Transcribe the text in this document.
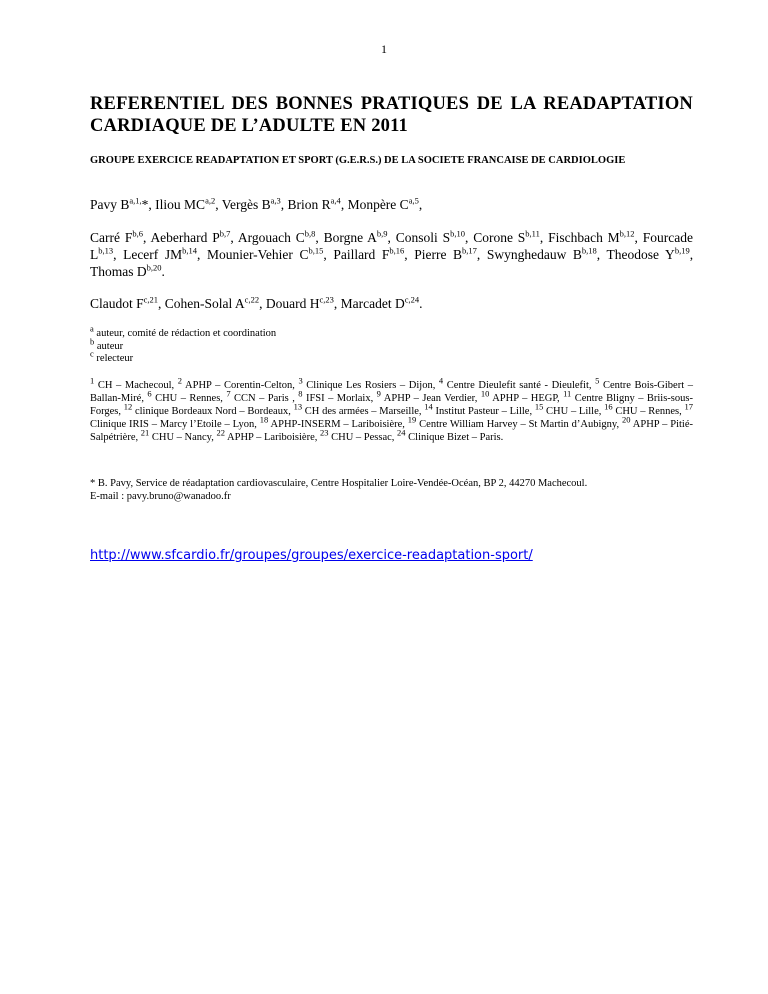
1
REFERENTIEL DES BONNES PRATIQUES DE LA READAPTATION CARDIAQUE DE L’ADULTE EN 2011
GROUPE EXERCICE READAPTATION ET SPORT (G.E.R.S.) DE LA SOCIETE FRANCAISE DE CARDIOLOGIE
Pavy $B^{a,1,}*$, Iliou MC$^{a,2}$, Vergès B$^{a,3}$, Brion R$^{a,4}$, Monpère C$^{a,5}$,
Carré F$^{b,6}$, Aeberhard P$^{b,7}$, Argouach C$^{b,8}$, Borgne A$^{b,9}$, Consoli S$^{b,10}$, Corone S$^{b,11}$, Fischbach M$^{b,12}$, Fourcade L$^{b,13}$, Lecerf JM$^{b,14}$, Mounier-Vehier C$^{b,15}$, Paillard F$^{b,16}$, Pierre B$^{b,17}$, Swynghedauw B$^{b,18}$, Theodose Y$^{b,19}$, Thomas D$^{b,20}$.
Claudot F$^{c,21}$, Cohen-Solal A$^{c,22}$, Douard H$^{c,23}$, Marcadet D$^{c,24}$.
$^a$ auteur, comité de rédaction et coordination
$^b$ auteur
$^c$ relecteur
$^1$ CH – Machecoul, $^2$ APHP – Corentin-Celton, $^3$ Clinique Les Rosiers – Dijon, $^4$ Centre Dieulefit santé - Dieulefit, $^5$ Centre Bois-Gibert – Ballan-Miré, $^6$ CHU – Rennes, $^7$ CCN – Paris , $^8$ IFSI – Morlaix, $^9$ APHP – Jean Verdier, $^{10}$ APHP – HEGP, $^{11}$ Centre Bligny – Briis-sous-Forges, $^{12}$ clinique Bordeaux Nord – Bordeaux, $^{13}$ CH des armées – Marseille, $^{14}$ Institut Pasteur – Lille, $^{15}$ CHU – Lille, $^{16}$ CHU – Rennes, $^{17}$ Clinique IRIS – Marcy l’Etoile – Lyon, $^{18}$ APHP-INSERM – Lariboisière, $^{19}$ Centre William Harvey – St Martin d’Aubigny, $^{20}$ APHP – Pitié-Salpétrière, $^{21}$ CHU – Nancy, $^{22}$ APHP – Lariboisière, $^{23}$ CHU – Pessac, $^{24}$ Clinique Bizet – Paris.
* B. Pavy, Service de réadaptation cardiovasculaire, Centre Hospitalier Loire-Vendée-Océan, BP 2, 44270 Machecoul.
E-mail : pavy.bruno@wanadoo.fr
http://www.sfcardio.fr/groupes/groupes/exercice-readaptation-sport/
